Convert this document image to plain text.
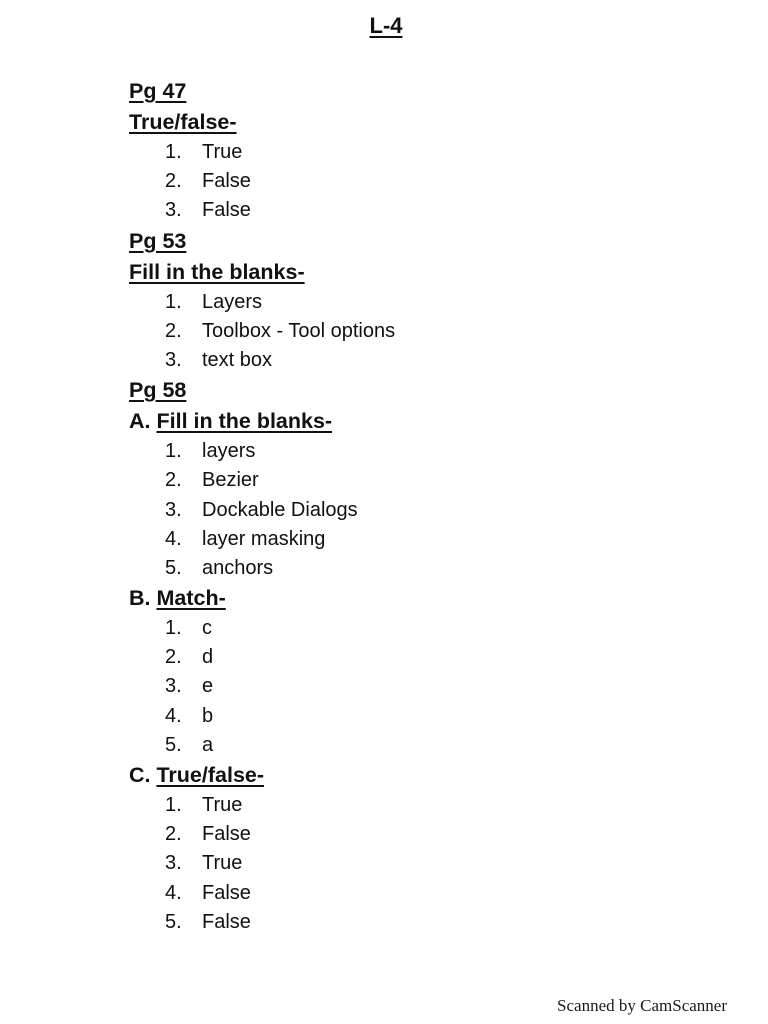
L-4
Pg 47
True/false-
1. True
2. False
3. False
Pg 53
Fill in the blanks-
1. Layers
2. Toolbox - Tool options
3. text box
Pg 58
A. Fill in the blanks-
1. layers
2. Bezier
3. Dockable Dialogs
4. layer masking
5. anchors
B. Match-
1. c
2. d
3. e
4. b
5. a
C. True/false-
1. True
2. False
3. True
4. False
5. False
Scanned by CamScanner
